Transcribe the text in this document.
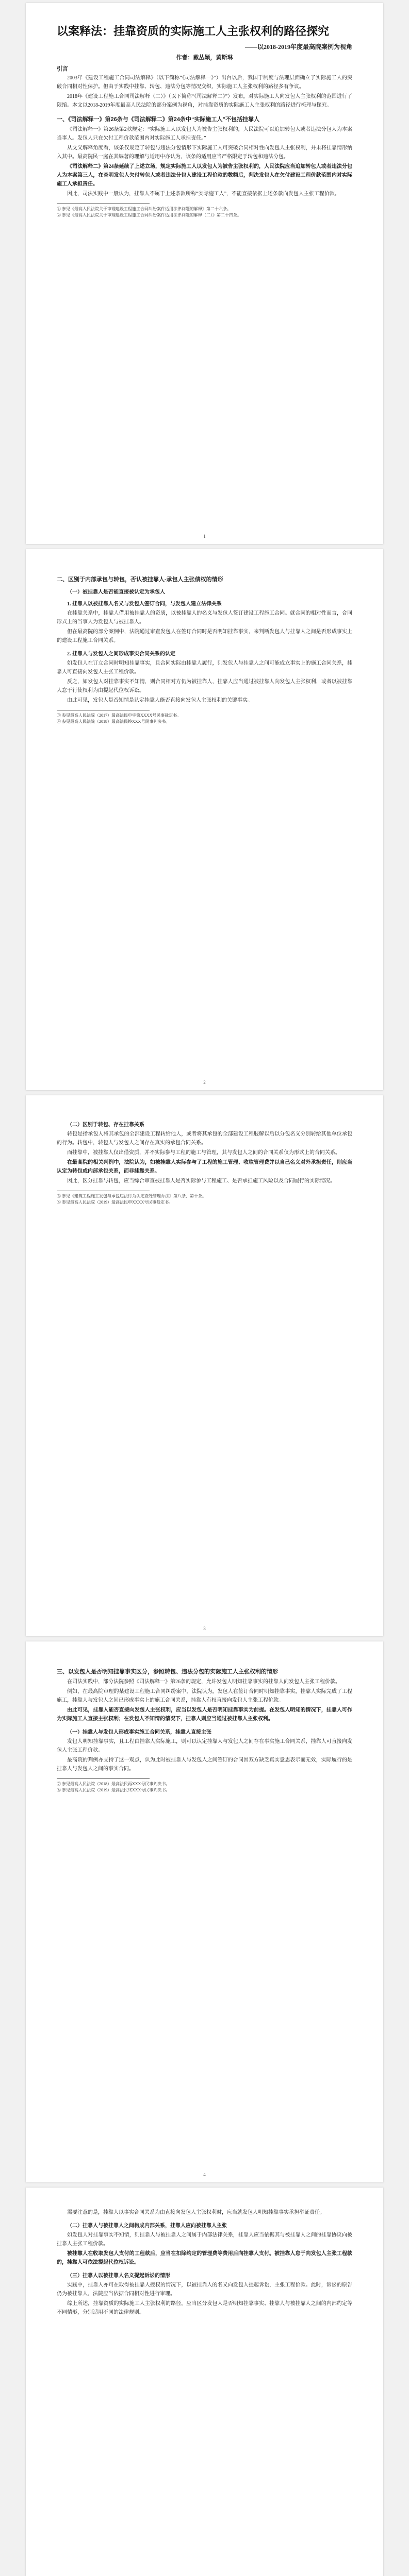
以案释法：挂靠资质的实际施工人主张权利的路径探究
——以2018-2019年度最高院案例为视角
作者：戴丛颖，黄斯琳
引言

2003年《建设工程施工合同司法解释》（以下简称“《司法解释一》”）出台以后，我国于制度与法理层面确立了实际施工人的突破合同相对性保护。但由于实践中挂靠、转包、违法分包等情况交织，实际施工人主张权利的路径多有争议。

2018年《建设工程施工合同司法解释（二）》（以下简称“《司法解释二》”）发布，对实际施工人向发包人主张权利的范围进行了限缩。本文以2018-2019年度最高人民法院的部分案例为视角，对挂靠资质的实际施工人主张权利的路径进行梳理与探究。

一、《司法解释一》第26条与《司法解释二》第24条中“实际施工人”不包括挂靠人

《司法解释一》第26条第2款规定：“实际施工人以发包人为被告主张权利的，人民法院可以追加转包人或者违法分包人为本案当事人。发包人只在欠付工程价款范围内对实际施工人承担责任。”

从文义解释角度看，该条仅规定了转包与违法分包情形下实际施工人可突破合同相对性向发包人主张权利，并未将挂靠情形纳入其中。最高院民一庭在其编著的理解与适用中亦认为，该条的适用应当严格限定于转包和违法分包。

《司法解释二》第24条延续了上述立场，规定实际施工人以发包人为被告主张权利的，人民法院应当追加转包人或者违法分包人为本案第三人，在查明发包人欠付转包人或者违法分包人建设工程价款的数额后，判决发包人在欠付建设工程价款范围内对实际施工人承担责任。

因此，司法实践中一般认为，挂靠人不属于上述条款所称“实际施工人”，不能直接依据上述条款向发包人主张工程价款。

① 参见《最高人民法院关于审理建设工程施工合同纠纷案件适用法律问题的解释》第二十六条。

② 参见《最高人民法院关于审理建设工程施工合同纠纷案件适用法律问题的解释（二）》第二十四条。

1
二、区别于内部承包与转包，否认被挂靠人-承包人主张债权的情形
（一）被挂靠人是否能直接被认定为承包人
1. 挂靠人以被挂靠人名义与发包人签订合同，与发包人建立法律关系

在挂靠关系中，挂靠人借用被挂靠人的资质，以被挂靠人的名义与发包人签订建设工程施工合同。就合同的相对性而言，合同形式上的当事人为发包人与被挂靠人。

但在最高院的部分案例中，法院通过审查发包人在签订合同时是否明知挂靠事实，来判断发包人与挂靠人之间是否形成事实上的建设工程施工合同关系。

2. 挂靠人与发包人之间形成事实合同关系的认定

如发包人在订立合同时明知挂靠事实，且合同实际由挂靠人履行，则发包人与挂靠人之间可能成立事实上的施工合同关系，挂靠人可直接向发包人主张工程价款。

反之，如发包人对挂靠事实不知情，则合同相对方仍为被挂靠人，挂靠人应当通过被挂靠人向发包人主张权利，或者以被挂靠人怠于行使权利为由提起代位权诉讼。

由此可见，发包人是否知情是认定挂靠人能否直接向发包人主张权利的关键事实。

③ 参见最高人民法院（2017）最高法民申字第XXXX号民事裁定书。

④ 参见最高人民法院（2018）最高法民终XXX号民事判决书。

2
（二）区别于转包、存在挂靠关系

转包是指承包人将其承包的全部建设工程转给他人，或者将其承包的全部建设工程肢解以后以分包名义分别转给其他单位承包的行为。转包中，转包人与发包人之间存在真实的承包合同关系。

而挂靠中，被挂靠人仅出借资质，并不实际参与工程的施工与管理，其与发包人之间的合同关系仅为形式上的合同关系。

在最高院的相关判例中，法院认为，如被挂靠人实际参与了工程的施工管理、收取管理费并以自己名义对外承担责任，则应当认定为转包或内部承包关系，而非挂靠关系。

因此，区分挂靠与转包，应当综合审查被挂靠人是否实际参与工程施工、是否承担施工风险以及合同履行的实际情况。

⑤ 参见《建筑工程施工发包与承包违法行为认定查处管理办法》第八条、第十条。

⑥ 参见最高人民法院（2019）最高法民申XXXX号民事裁定书。

3
三、以发包人是否明知挂靠事实区分，参照转包、违法分包的实际施工人主张权利的情形

在司法实践中，部分法院参照《司法解释一》第26条的规定，允许发包人明知挂靠事实的挂靠人向发包人主张工程价款。

例如，在最高院审理的某建设工程施工合同纠纷案中，法院认为，发包人在签订合同时明知挂靠事实，挂靠人实际完成了工程施工，挂靠人与发包人之间已形成事实上的施工合同关系，挂靠人有权直接向发包人主张工程价款。

由此可见，挂靠人能否直接向发包人主张权利，应当以发包人是否明知挂靠事实为前提。在发包人明知的情况下，挂靠人可作为实际施工人直接主张权利；在发包人不知情的情况下，挂靠人则应当通过被挂靠人主张权利。

（一）挂靠人与发包人形成事实施工合同关系，挂靠人直接主张

发包人明知挂靠事实，且工程由挂靠人实际施工，则可以认定挂靠人与发包人之间存在事实施工合同关系，挂靠人可直接向发包人主张工程价款。

最高院的判例亦支持了这一观点，认为此时被挂靠人与发包人之间签订的合同因双方缺乏真实意思表示而无效，实际履行的是挂靠人与发包人之间的事实合同。

⑦ 参见最高人民法院（2018）最高法民再XXX号民事判决书。

⑧ 参见最高人民法院（2019）最高法民终XXX号民事判决书。

4

需要注意的是，挂靠人以事实合同关系为由直接向发包人主张权利时，应当就发包人明知挂靠事实承担举证责任。

（二）挂靠人与被挂靠人之间构成内部关系，挂靠人应向被挂靠人主张

如发包人对挂靠事实不知情，则挂靠人与被挂靠人之间属于内部法律关系，挂靠人应当依据其与被挂靠人之间的挂靠协议向被挂靠人主张工程价款。

被挂靠人在收取发包人支付的工程款后，应当在扣除约定的管理费等费用后向挂靠人支付。被挂靠人怠于向发包人主张工程款的，挂靠人可依法提起代位权诉讼。

（三）挂靠人以被挂靠人名义提起诉讼的情形

实践中，挂靠人亦可在取得被挂靠人授权的情况下，以被挂靠人的名义向发包人提起诉讼，主张工程价款。此时，诉讼的原告仍为被挂靠人，法院应当依据合同相对性进行审理。

综上所述，挂靠资质的实际施工人主张权利的路径，应当区分发包人是否明知挂靠事实、挂靠人与被挂靠人之间的内部约定等不同情形，分别适用不同的法律规则。
